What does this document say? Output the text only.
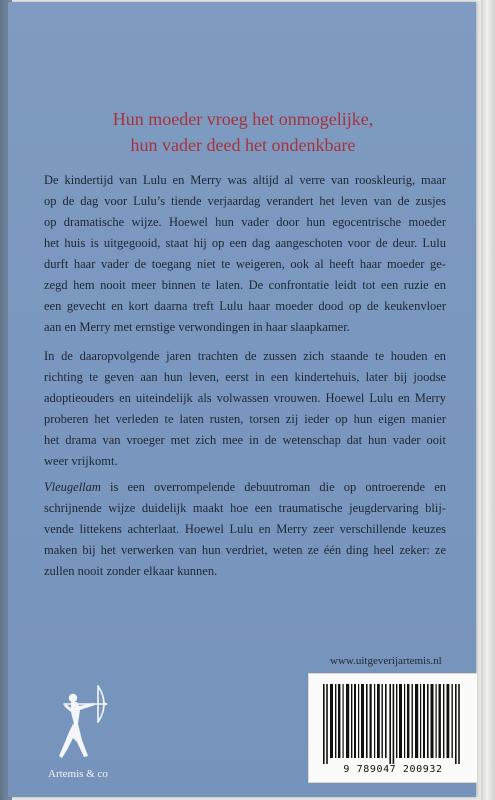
Hun moeder vroeg het onmogelijke,
hun vader deed het ondenkbare
De kindertijd van Lulu en Merry was altijd al verre van rooskleurig, maar
op de dag voor Lulu’s tiende verjaardag verandert het leven van de zusjes
op dramatische wijze. Hoewel hun vader door hun egocentrische moeder
het huis is uitgegooid, staat hij op een dag aangeschoten voor de deur. Lulu
durft haar vader de toegang niet te weigeren, ook al heeft haar moeder ge-
zegd hem nooit meer binnen te laten. De confrontatie leidt tot een ruzie en
een gevecht en kort daarna treft Lulu haar moeder dood op de keukenvloer
aan en Merry met ernstige verwondingen in haar slaapkamer.
In de daaropvolgende jaren trachten de zussen zich staande te houden en
richting te geven aan hun leven, eerst in een kindertehuis, later bij joodse
adoptieouders en uiteindelijk als volwassen vrouwen. Hoewel Lulu en Merry
proberen het verleden te laten rusten, torsen zij ieder op hun eigen manier
het drama van vroeger met zich mee in de wetenschap dat hun vader ooit
weer vrijkomt.
Vleugellam is een overrompelende debuutroman die op ontroerende en
schrijnende wijze duidelijk maakt hoe een traumatische jeugdervaring blij-
vende littekens achterlaat. Hoewel Lulu en Merry zeer verschillende keuzes
maken bij het verwerken van hun verdriet, weten ze één ding heel zeker: ze
zullen nooit zonder elkaar kunnen.
www.uitgeverijartemis.nl
9 789047 200932
Artemis & co
